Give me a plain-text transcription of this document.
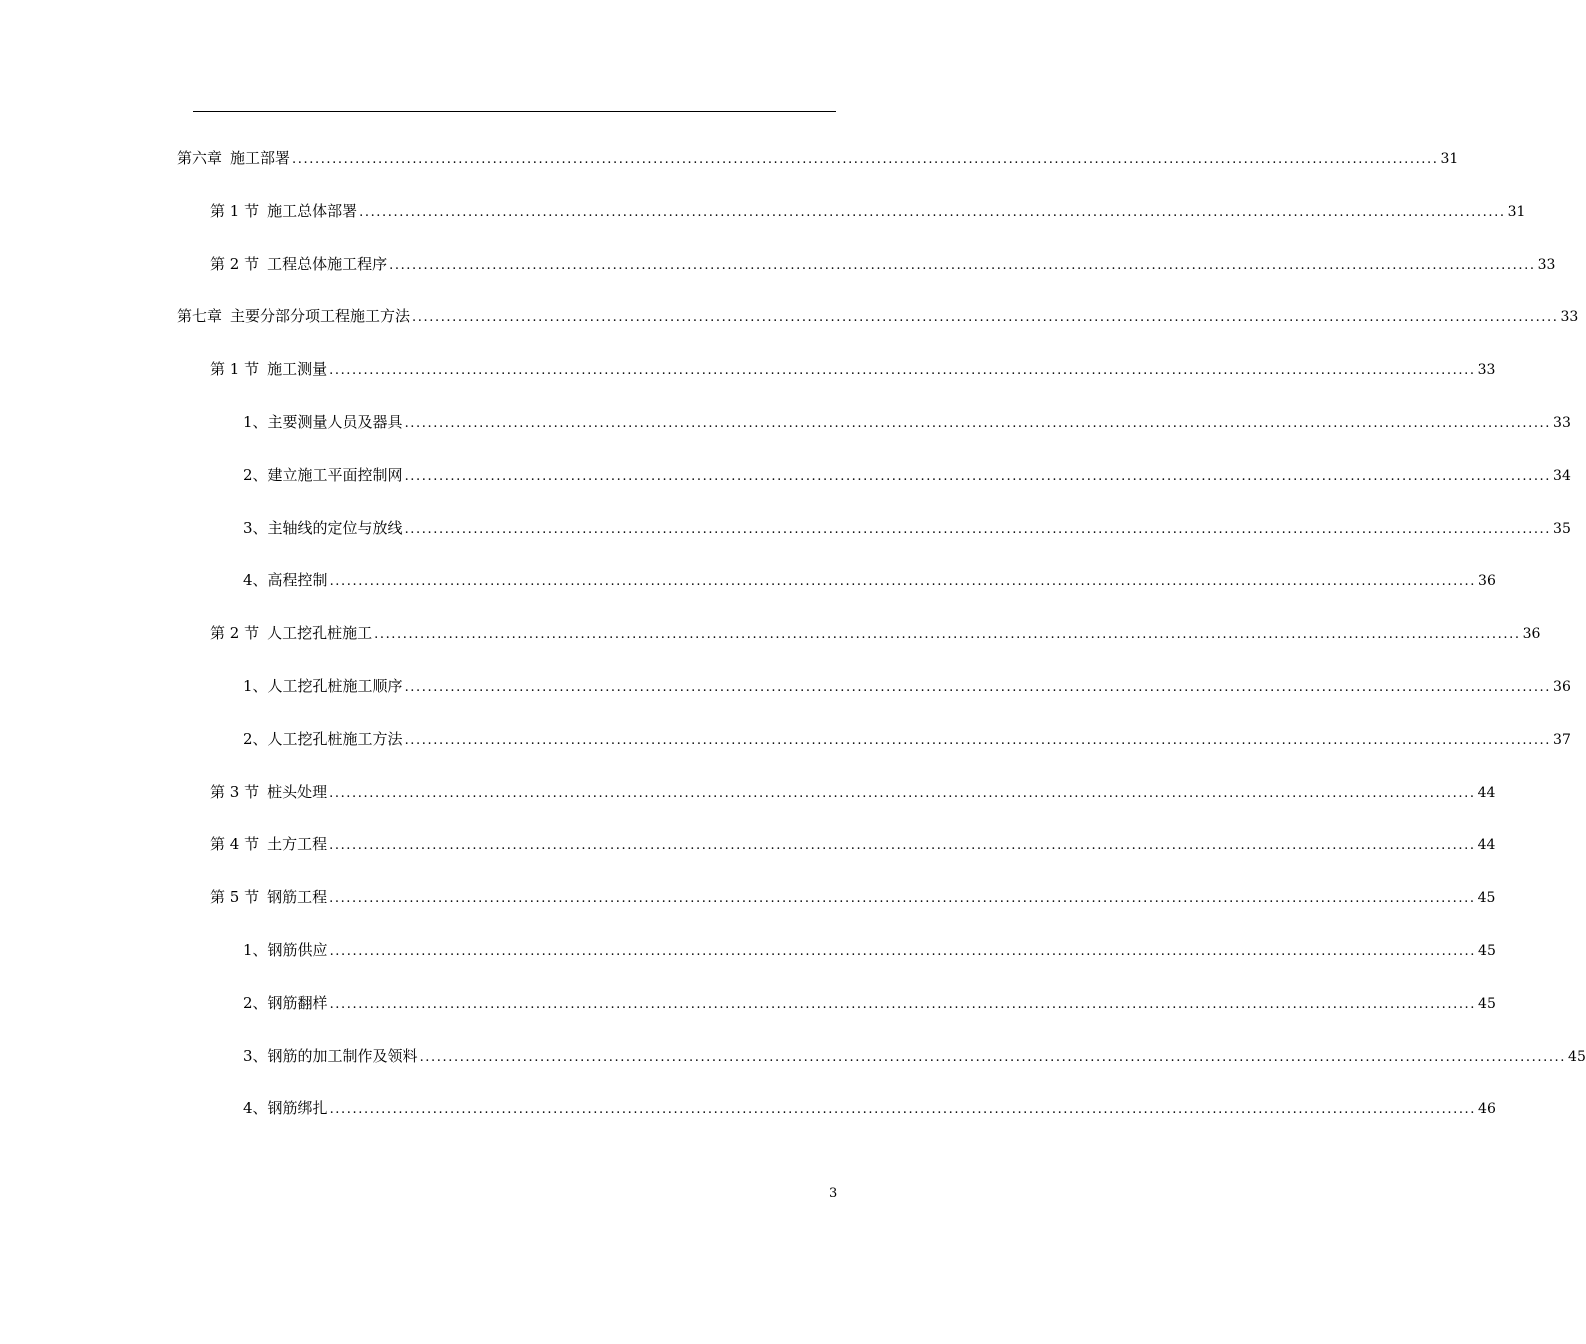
第六章 施工部署 ........................................................................................................................................................................................................ 31
第 1 节 施工总体部署 ........................................................................................................................................................................................................ 31
第 2 节 工程总体施工程序 ........................................................................................................................................................................................................ 33
第七章 主要分部分项工程施工方法 ........................................................................................................................................................................................................ 33
第 1 节 施工测量 ........................................................................................................................................................................................................ 33
1、 主要测量人员及器具 ........................................................................................................................................................................................................ 33
2、 建立施工平面控制网 ........................................................................................................................................................................................................ 34
3、 主轴线的定位与放线 ........................................................................................................................................................................................................ 35
4、 高程控制 ........................................................................................................................................................................................................ 36
第 2 节 人工挖孔桩施工 ........................................................................................................................................................................................................ 36
1、 人工挖孔桩施工顺序 ........................................................................................................................................................................................................ 36
2、 人工挖孔桩施工方法 ........................................................................................................................................................................................................ 37
第 3 节 桩头处理 ........................................................................................................................................................................................................ 44
第 4 节 土方工程 ........................................................................................................................................................................................................ 44
第 5 节 钢筋工程 ........................................................................................................................................................................................................ 45
1、 钢筋供应 ........................................................................................................................................................................................................ 45
2、 钢筋翻样 ........................................................................................................................................................................................................ 45
3、 钢筋的加工制作及领料 ........................................................................................................................................................................................................ 45
4、 钢筋绑扎 ........................................................................................................................................................................................................ 46
3
